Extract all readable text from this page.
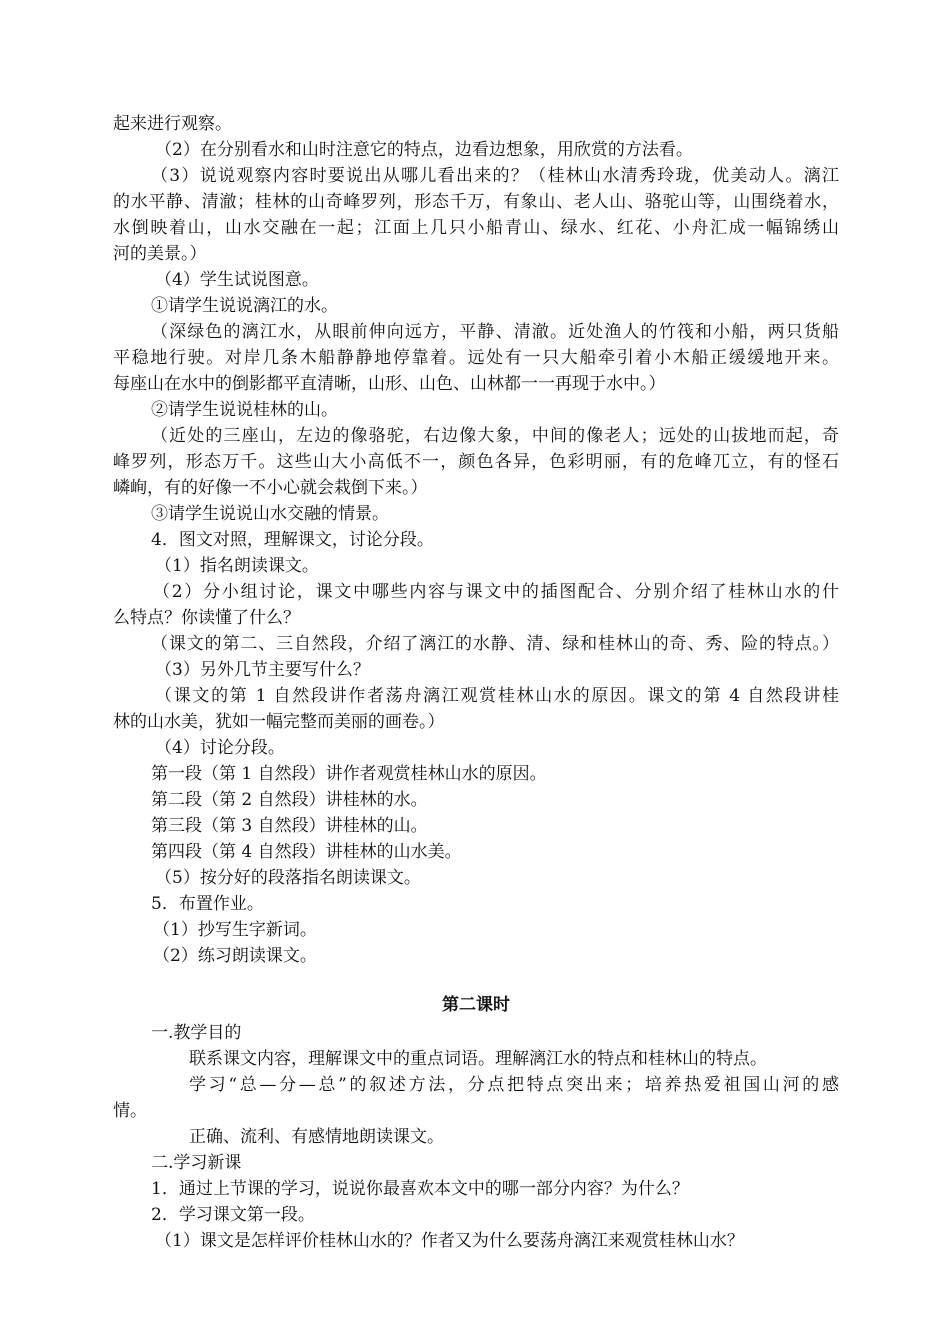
起来进行观察。
（2）在分别看水和山时注意它的特点，边看边想象，用欣赏的方法看。
（3）说说观察内容时要说出从哪儿看出来的？（桂林山水清秀玲珑，优美动人。漓江
的水平静、清澈；桂林的山奇峰罗列，形态千万，有象山、老人山、骆驼山等，山围绕着水，
水倒映着山，山水交融在一起；江面上几只小船青山、绿水、红花、小舟汇成一幅锦绣山
河的美景。）
（4）学生试说图意。
①请学生说说漓江的水。
（深绿色的漓江水，从眼前伸向远方，平静、清澈。近处渔人的竹筏和小船，两只货船
平稳地行驶。对岸几条木船静静地停靠着。远处有一只大船牵引着小木船正缓缓地开来。
每座山在水中的倒影都平直清晰，山形、山色、山林都一一再现于水中。）
②请学生说说桂林的山。
（近处的三座山，左边的像骆驼，右边像大象，中间的像老人；远处的山拔地而起，奇
峰罗列，形态万千。这些山大小高低不一，颜色各异，色彩明丽，有的危峰兀立，有的怪石
嶙峋，有的好像一不小心就会栽倒下来。）
③请学生说说山水交融的情景。
4．图文对照，理解课文，讨论分段。
（1）指名朗读课文。
（2）分小组讨论，课文中哪些内容与课文中的插图配合、分别介绍了桂林山水的什
么特点？你读懂了什么？
（课文的第二、三自然段，介绍了漓江的水静、清、绿和桂林山的奇、秀、险的特点。）
（3）另外几节主要写什么？
（课文的第 1 自然段讲作者荡舟漓江观赏桂林山水的原因。课文的第 4 自然段讲桂
林的山水美，犹如一幅完整而美丽的画卷。）
（4）讨论分段。
第一段（第 1 自然段）讲作者观赏桂林山水的原因。
第二段（第 2 自然段）讲桂林的水。
第三段（第 3 自然段）讲桂林的山。
第四段（第 4 自然段）讲桂林的山水美。
（5）按分好的段落指名朗读课文。
5．布置作业。
（1）抄写生字新词。
（2）练习朗读课文。
第二课时
一.教学目的
联系课文内容，理解课文中的重点词语。理解漓江水的特点和桂林山的特点。
学习“总—分—总”的叙述方法，分点把特点突出来；培养热爱祖国山河的感
情。
正确、流利、有感情地朗读课文。
二.学习新课
1．通过上节课的学习，说说你最喜欢本文中的哪一部分内容？为什么？
2．学习课文第一段。
（1）课文是怎样评价桂林山水的？作者又为什么要荡舟漓江来观赏桂林山水？
